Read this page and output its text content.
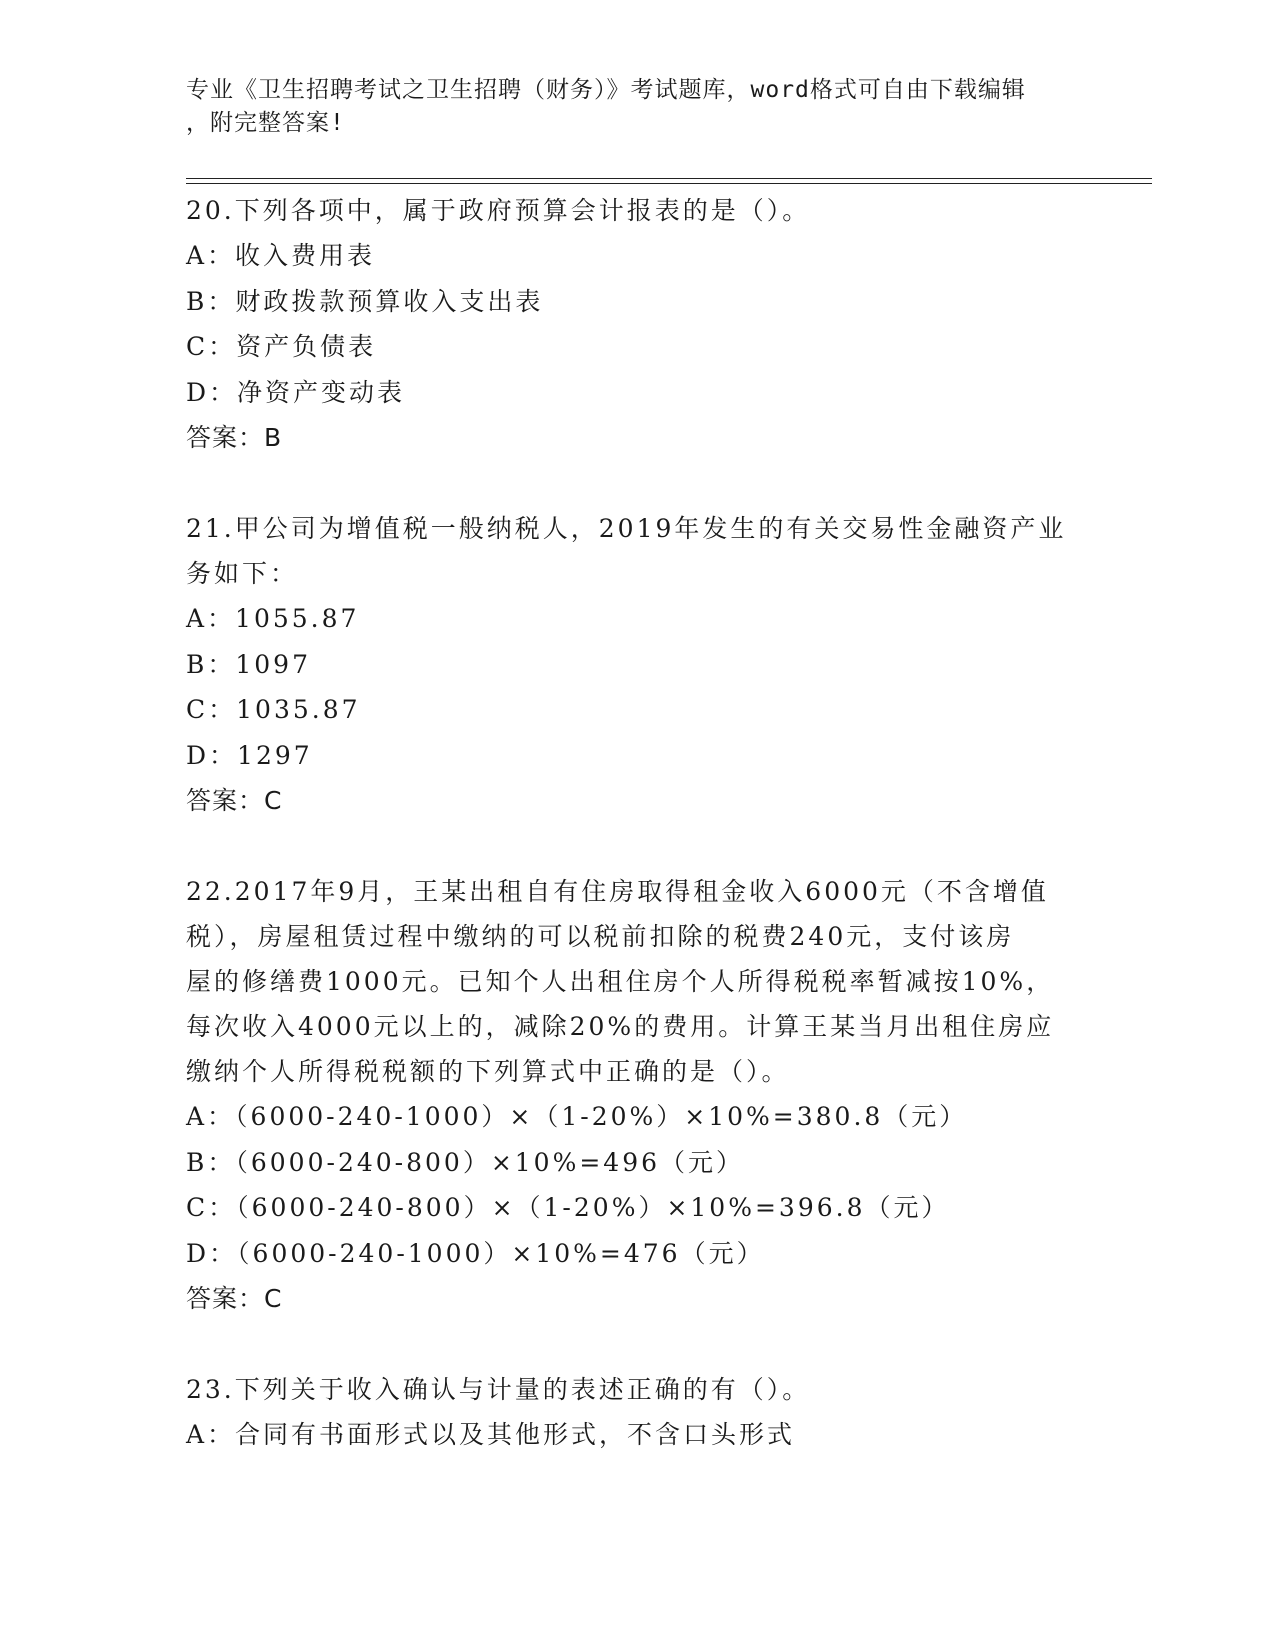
专业《卫生招聘考试之卫生招聘（财务）》考试题库，word格式可自由下载编辑

，附完整答案!

20.下列各项中，属于政府预算会计报表的是（）。

A：收入费用表

B：财政拨款预算收入支出表

C：资产负债表

D：净资产变动表

答案：B

21.甲公司为增值税一般纳税人，2019年发生的有关交易性金融资产业

务如下：

A：1055.87

B：1097

C：1035.87

D：1297

答案：C

22.2017年9月，王某出租自有住房取得租金收入6000元（不含增值

税），房屋租赁过程中缴纳的可以税前扣除的税费240元，支付该房

屋的修缮费1000元。已知个人出租住房个人所得税税率暂减按10%，

每次收入4000元以上的，减除20%的费用。计算王某当月出租住房应

缴纳个人所得税税额的下列算式中正确的是（）。

A：（6000-240-1000）×（1-20%）×10%=380.8（元）

B：（6000-240-800）×10%=496（元）

C：（6000-240-800）×（1-20%）×10%=396.8（元）

D：（6000-240-1000）×10%=476（元）

答案：C

23.下列关于收入确认与计量的表述正确的有（）。

A：合同有书面形式以及其他形式，不含口头形式
